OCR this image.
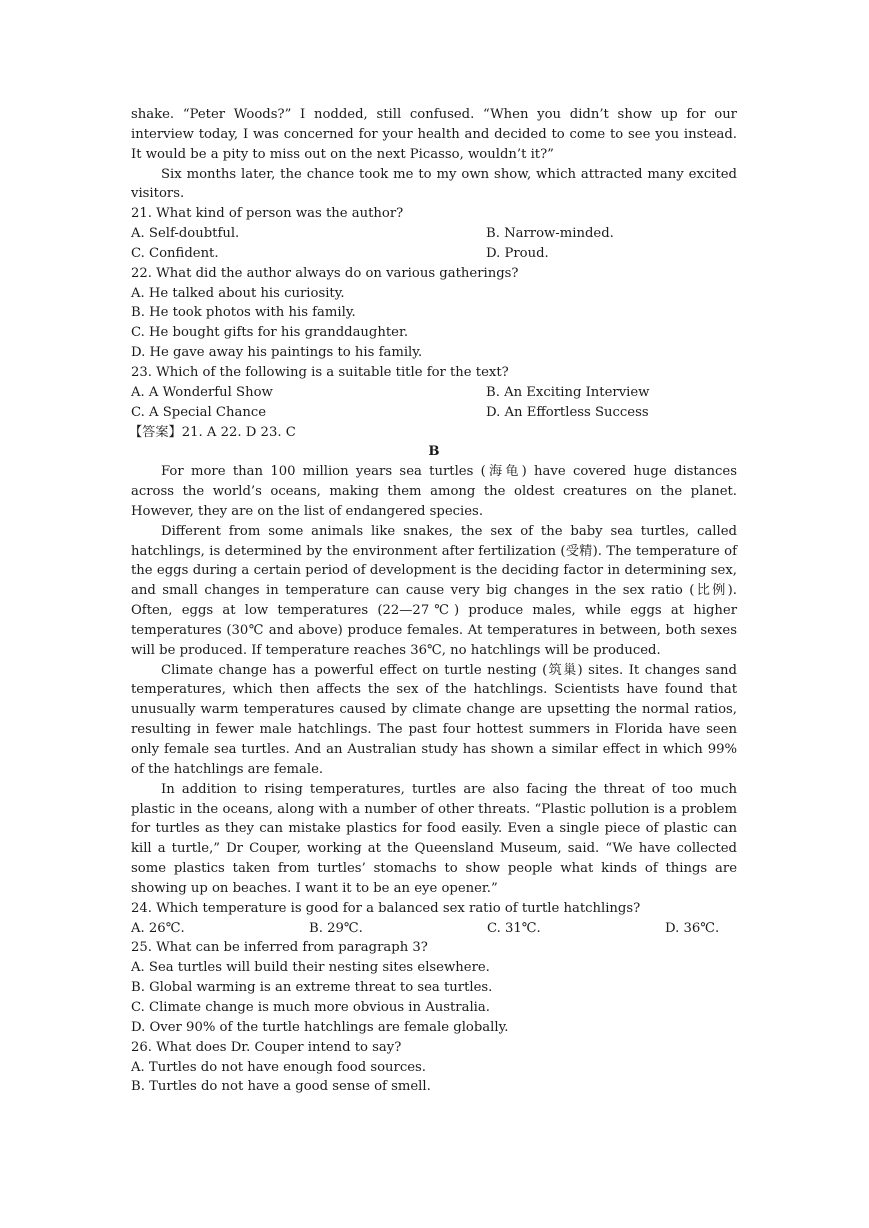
shake. “Peter Woods?” I nodded, still confused. “When you didn’t show up for our interview today, I was concerned for your health and decided to come to see you instead. It would be a pity to miss out on the next Picasso, wouldn’t it?”

Six months later, the chance took me to my own show, which attracted many excited visitors.

21. What kind of person was the author?
A. Self-doubtful.	B. Narrow-minded.
C. Confident.	D. Proud.
22. What did the author always do on various gatherings?
A. He talked about his curiosity.
B. He took photos with his family.
C. He bought gifts for his granddaughter.
D. He gave away his paintings to his family.
23. Which of the following is a suitable title for the text?
A. A Wonderful Show	B. An Exciting Interview
C. A Special Chance	D. An Effortless Success
【答案】21. A 22. D 23. C
B

For more than 100 million years sea turtles (海龟) have covered huge distances across the world’s oceans, making them among the oldest creatures on the planet. However, they are on the list of endangered species.

Different from some animals like snakes, the sex of the baby sea turtles, called hatchlings, is determined by the environment after fertilization (受精). The temperature of the eggs during a certain period of development is the deciding factor in determining sex, and small changes in temperature can cause very big changes in the sex ratio (比例). Often, eggs at low temperatures (22—27℃) produce males, while eggs at higher temperatures (30℃ and above) produce females. At temperatures in between, both sexes will be produced. If temperature reaches 36℃, no hatchlings will be produced.

Climate change has a powerful effect on turtle nesting (筑巢) sites. It changes sand temperatures, which then affects the sex of the hatchlings. Scientists have found that unusually warm temperatures caused by climate change are upsetting the normal ratios, resulting in fewer male hatchlings. The past four hottest summers in Florida have seen only female sea turtles. And an Australian study has shown a similar effect in which 99% of the hatchlings are female.

In addition to rising temperatures, turtles are also facing the threat of too much plastic in the oceans, along with a number of other threats. “Plastic pollution is a problem for turtles as they can mistake plastics for food easily. Even a single piece of plastic can kill a turtle,” Dr Couper, working at the Queensland Museum, said. “We have collected some plastics taken from turtles’ stomachs to show people what kinds of things are showing up on beaches. I want it to be an eye opener.”

24. Which temperature is good for a balanced sex ratio of turtle hatchlings?
A. 26℃.	B. 29℃.	C. 31℃.	D. 36℃.
25. What can be inferred from paragraph 3?
A. Sea turtles will build their nesting sites elsewhere.
B. Global warming is an extreme threat to sea turtles.
C. Climate change is much more obvious in Australia.
D. Over 90% of the turtle hatchlings are female globally.
26. What does Dr. Couper intend to say?
A. Turtles do not have enough food sources.
B. Turtles do not have a good sense of smell.
